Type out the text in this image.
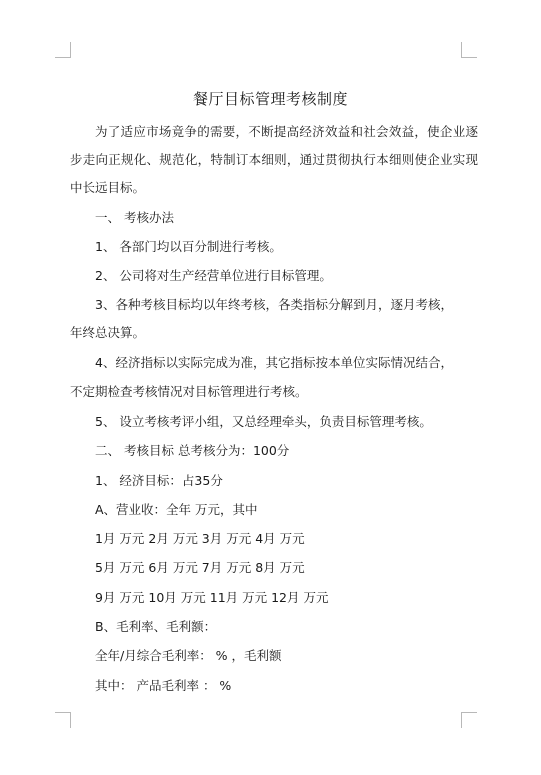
餐厅目标管理考核制度
为了适应市场竟争的需要，不断提高经济效益和社会效益，使企业逐步走向正规化、规范化，特制订本细则，通过贯彻执行本细则使企业实现中长远目标。
一、 考核办法
1、 各部门均以百分制进行考核。
2、 公司将对生产经营单位进行目标管理。
3、各种考核目标均以年终考核，各类指标分解到月，逐月考核，
年终总决算。
4、经济指标以实际完成为准，其它指标按本单位实际情况结合，
不定期检查考核情况对目标管理进行考核。
5、 设立考核考评小组，又总经理牵头，负责目标管理考核。
二、 考核目标 总考核分为：100分
1、 经济目标：占35分
A、营业收：全年 万元，其中
1月 万元 2月 万元 3月 万元 4月 万元
5月 万元 6月 万元 7月 万元 8月 万元
9月 万元 10月 万元 11月 万元 12月 万元
B、毛利率、毛利额：
全年/月综合毛利率： % ，毛利额
其中： 产品毛利率 ： %
